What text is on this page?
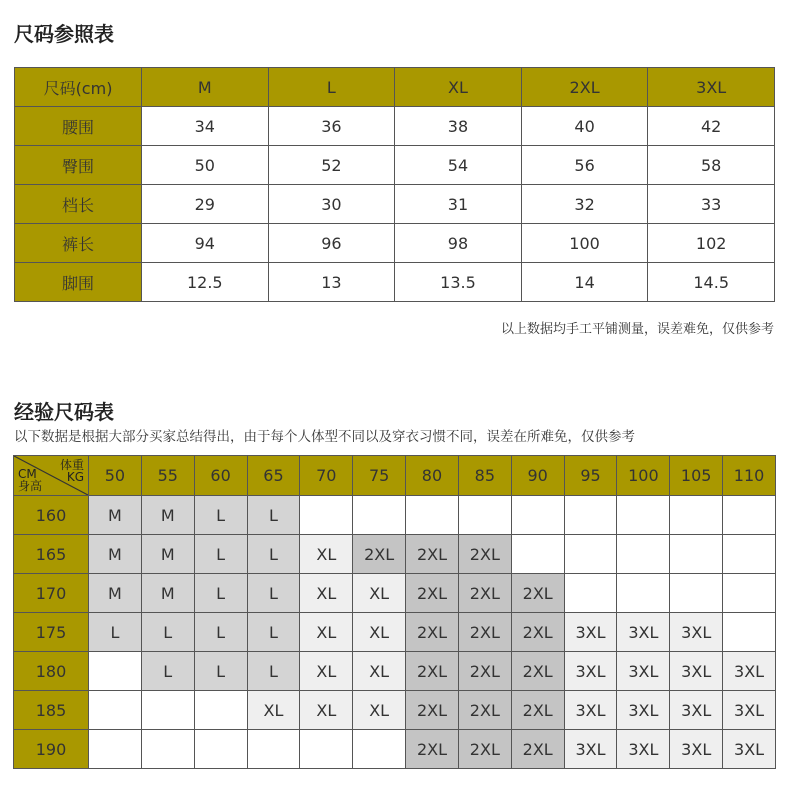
尺码参照表
尺码(cm)	M	L	XL	2XL	3XL
腰围	34	36	38	40	42
臀围	50	52	54	56	58
档长	29	30	31	32	33
裤长	94	96	98	100	102
脚围	12.5	13	13.5	14	14.5
以上数据均手工平铺测量，误差难免，仅供参考
经验尺码表
以下数据是根据大部分买家总结得出，由于每个人体型不同以及穿衣习惯不同，误差在所难免，仅供参考
体重
KG
CM
身高	50	55	60	65	70	75	80	85	90	95	100	105	110
160	M	M	L	L									
165	M	M	L	L	XL	2XL	2XL	2XL					
170	M	M	L	L	XL	XL	2XL	2XL	2XL				
175	L	L	L	L	XL	XL	2XL	2XL	2XL	3XL	3XL	3XL	
180		L	L	L	XL	XL	2XL	2XL	2XL	3XL	3XL	3XL	3XL
185				XL	XL	XL	2XL	2XL	2XL	3XL	3XL	3XL	3XL
190							2XL	2XL	2XL	3XL	3XL	3XL	3XL
